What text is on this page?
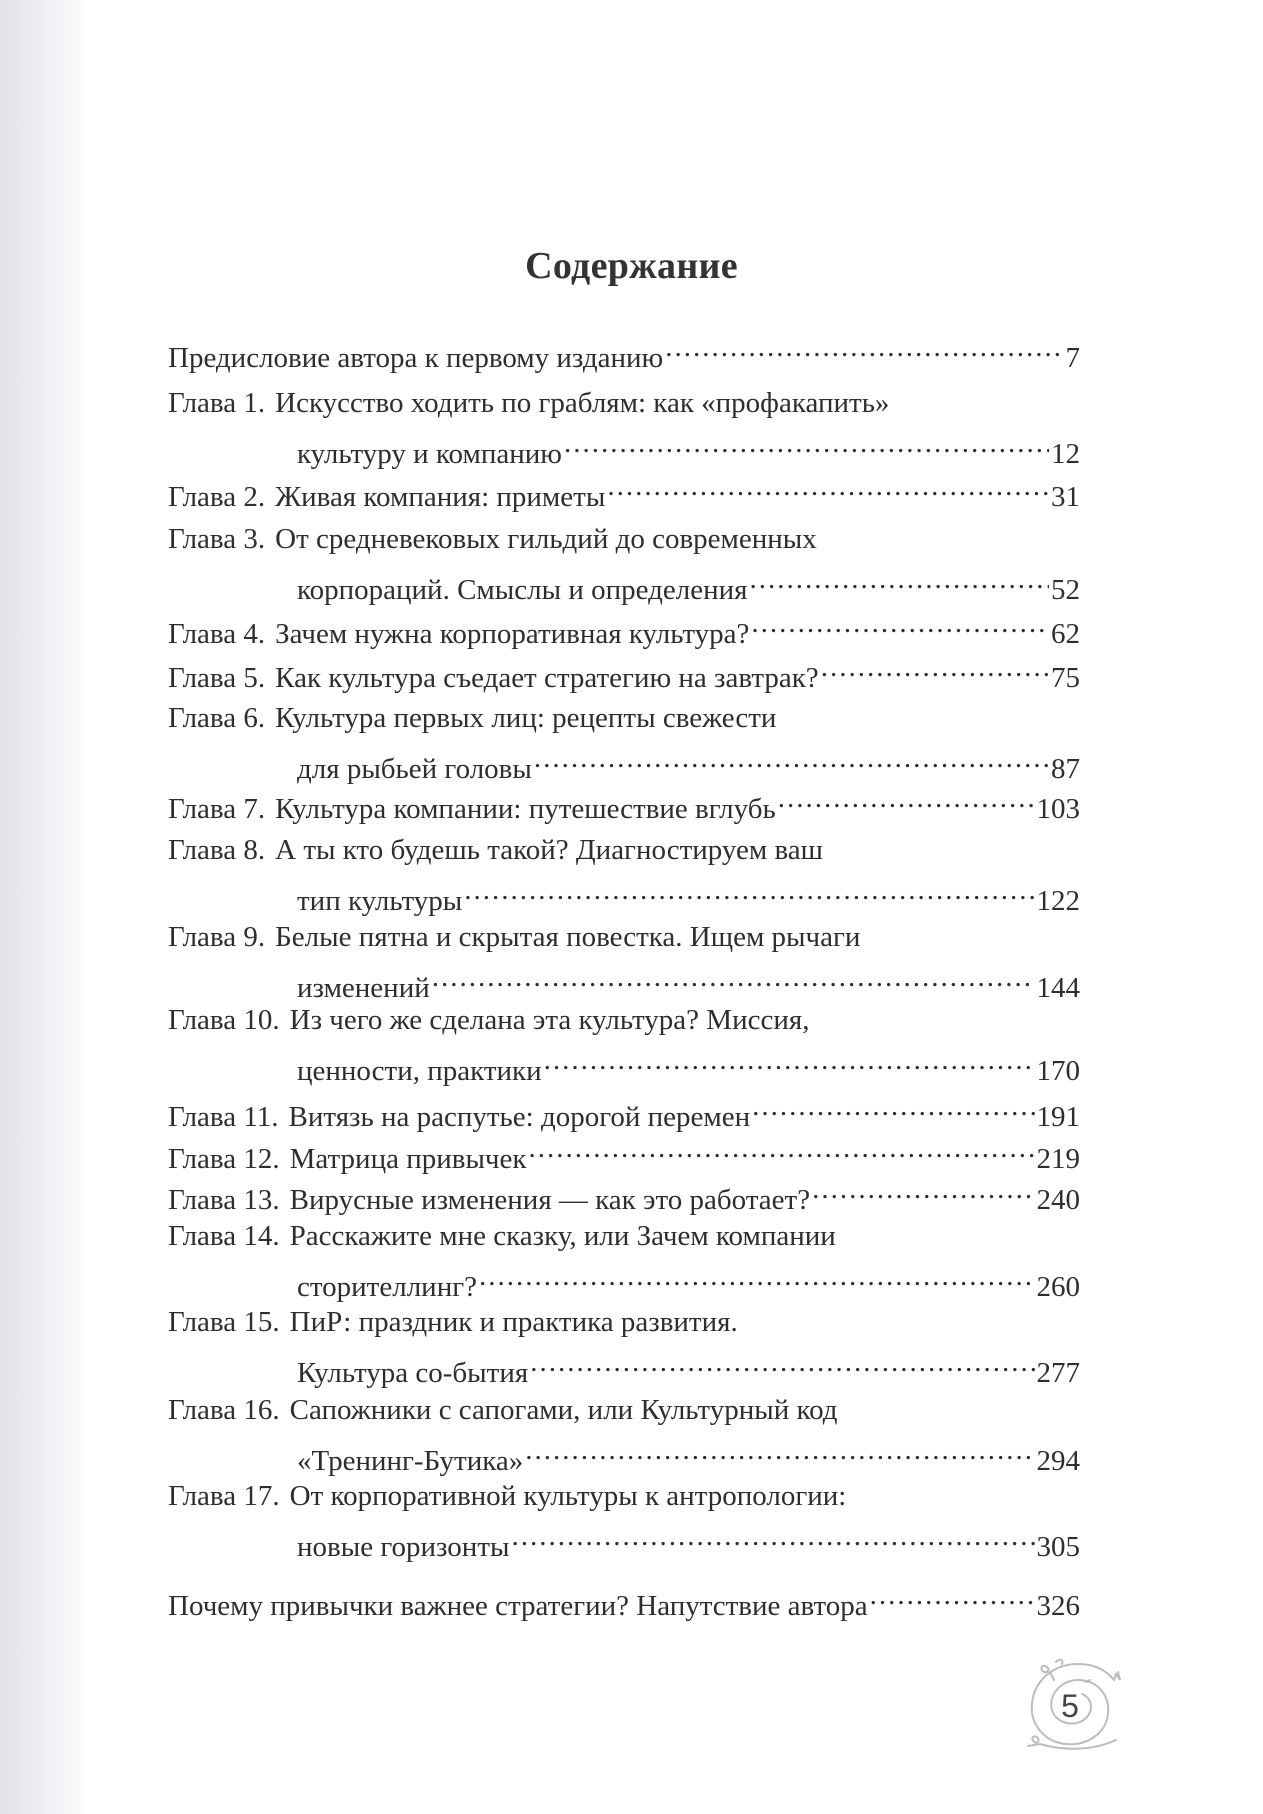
Содержание
Предисловие автора к первому изданию .....	7
Глава 1. Искусство ходить по граблям: как «профакапить»
культуру и компанию .....	12
Глава 2. Живая компания: приметы .....	31
Глава 3. От средневековых гильдий до современных
корпораций. Смыслы и определения .....	52
Глава 4. Зачем нужна корпоративная культура? .....	62
Глава 5. Как культура съедает стратегию на завтрак? .....	75
Глава 6. Культура первых лиц: рецепты свежести
для рыбьей головы .....	87
Глава 7. Культура компании: путешествие вглубь .....	103
Глава 8. А ты кто будешь такой? Диагностируем ваш
тип культуры .....	122
Глава 9. Белые пятна и скрытая повестка. Ищем рычаги
изменений .....	144
Глава 10. Из чего же сделана эта культура? Миссия,
ценности, практики .....	170
Глава 11. Витязь на распутье: дорогой перемен .....	191
Глава 12. Матрица привычек .....	219
Глава 13. Вирусные изменения — как это работает? .....	240
Глава 14. Расскажите мне сказку, или Зачем компании
сторителлинг? .....	260
Глава 15. ПиР: праздник и практика развития.
Культура со-бытия .....	277
Глава 16. Сапожники с сапогами, или Культурный код
«Тренинг-Бутика» .....	294
Глава 17. От корпоративной культуры к антропологии:
новые горизонты .....	305
Почему привычки важнее стратегии? Напутствие автора .....	326
5
